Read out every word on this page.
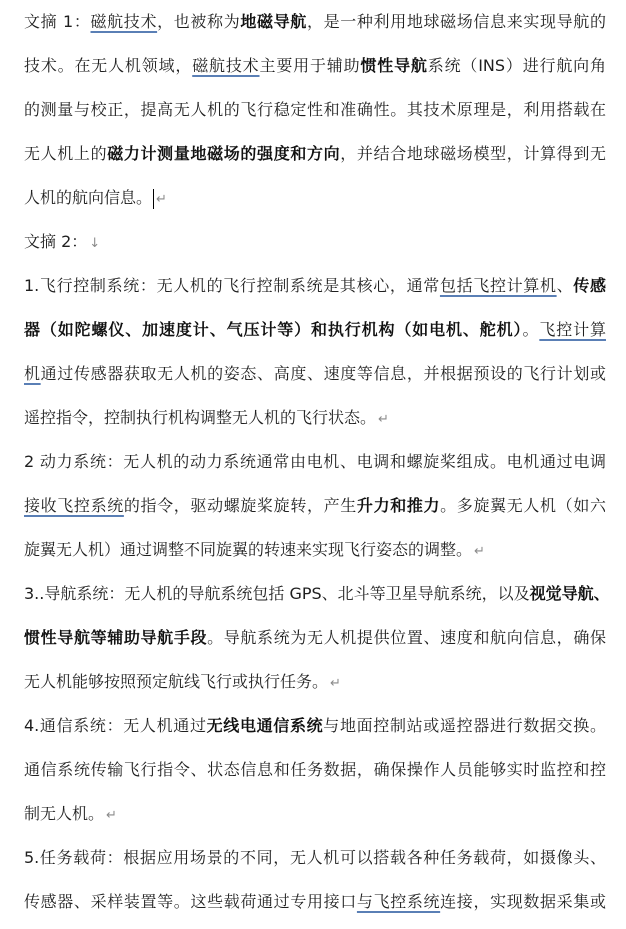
文摘 1：磁航技术，也被称为地磁导航，是一种利用地球磁场信息来实现导航的
技术。在无人机领域，磁航技术主要用于辅助惯性导航系统（INS）进行航向角
的测量与校正，提高无人机的飞行稳定性和准确性。其技术原理是，利用搭载在
无人机上的磁力计测量地磁场的强度和方向，并结合地球磁场模型，计算得到无
人机的航向信息。 ↵
文摘 2： ↓
1.飞行控制系统：无人机的飞行控制系统是其核心，通常包括飞控计算机、传感
器（如陀螺仪、加速度计、气压计等）和执行机构（如电机、舵机）。飞控计算
机通过传感器获取无人机的姿态、高度、速度等信息，并根据预设的飞行计划或
遥控指令，控制执行机构调整无人机的飞行状态。 ↵
2 动力系统：无人机的动力系统通常由电机、电调和螺旋桨组成。电机通过电调
接收飞控系统的指令，驱动螺旋桨旋转，产生升力和推力。多旋翼无人机（如六
旋翼无人机）通过调整不同旋翼的转速来实现飞行姿态的调整。 ↵
3..导航系统：无人机的导航系统包括 GPS、北斗等卫星导航系统，以及视觉导航、
惯性导航等辅助导航手段。导航系统为无人机提供位置、速度和航向信息，确保
无人机能够按照预定航线飞行或执行任务。 ↵
4.通信系统：无人机通过无线电通信系统与地面控制站或遥控器进行数据交换。
通信系统传输飞行指令、状态信息和任务数据，确保操作人员能够实时监控和控
制无人机。 ↵
5.任务载荷：根据应用场景的不同，无人机可以搭载各种任务载荷，如摄像头、
传感器、采样装置等。这些载荷通过专用接口与飞控系统连接，实现数据采集或
